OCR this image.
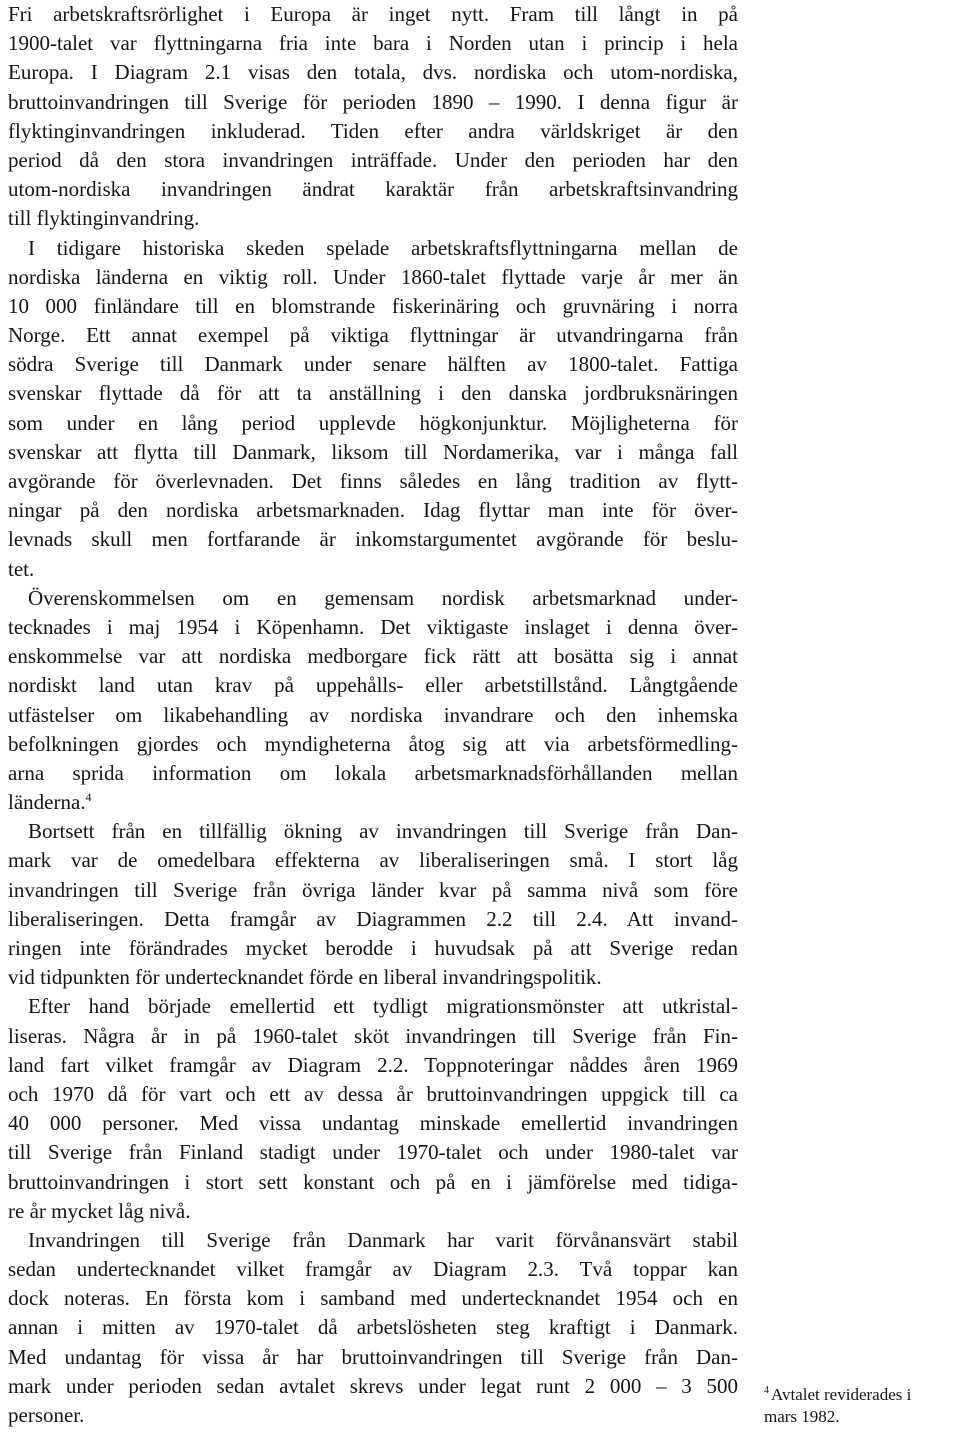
Fri arbetskraftsrörlighet i Europa är inget nytt. Fram till långt in på
1900-talet var flyttningarna fria inte bara i Norden utan i princip i hela
Europa. I Diagram 2.1 visas den totala, dvs. nordiska och utom-nordiska,
bruttoinvandringen till Sverige för perioden 1890 – 1990. I denna figur är
flyktinginvandringen inkluderad. Tiden efter andra världskriget är den
period då den stora invandringen inträffade. Under den perioden har den
utom-nordiska invandringen ändrat karaktär från arbetskraftsinvandring
till flyktinginvandring.
I tidigare historiska skeden spelade arbetskraftsflyttningarna mellan de
nordiska länderna en viktig roll. Under 1860-talet flyttade varje år mer än
10 000 finländare till en blomstrande fiskerinäring och gruvnäring i norra
Norge. Ett annat exempel på viktiga flyttningar är utvandringarna från
södra Sverige till Danmark under senare hälften av 1800-talet. Fattiga
svenskar flyttade då för att ta anställning i den danska jordbruksnäringen
som under en lång period upplevde högkonjunktur. Möjligheterna för
svenskar att flytta till Danmark, liksom till Nordamerika, var i många fall
avgörande för överlevnaden. Det finns således en lång tradition av flytt-
ningar på den nordiska arbetsmarknaden. Idag flyttar man inte för över-
levnads skull men fortfarande är inkomstargumentet avgörande för beslu-
tet.
Överenskommelsen om en gemensam nordisk arbetsmarknad under-
tecknades i maj 1954 i Köpenhamn. Det viktigaste inslaget i denna över-
enskommelse var att nordiska medborgare fick rätt att bosätta sig i annat
nordiskt land utan krav på uppehålls- eller arbetstillstånd. Långtgående
utfästelser om likabehandling av nordiska invandrare och den inhemska
befolkningen gjordes och myndigheterna åtog sig att via arbetsförmedling-
arna sprida information om lokala arbetsmarknadsförhållanden mellan
länderna.$^4$
Bortsett från en tillfällig ökning av invandringen till Sverige från Dan-
mark var de omedelbara effekterna av liberaliseringen små. I stort låg
invandringen till Sverige från övriga länder kvar på samma nivå som före
liberaliseringen. Detta framgår av Diagrammen 2.2 till 2.4. Att invand-
ringen inte förändrades mycket berodde i huvudsak på att Sverige redan
vid tidpunkten för undertecknandet förde en liberal invandringspolitik.
Efter hand började emellertid ett tydligt migrationsmönster att utkristal-
liseras. Några år in på 1960-talet sköt invandringen till Sverige från Fin-
land fart vilket framgår av Diagram 2.2. Toppnoteringar nåddes åren 1969
och 1970 då för vart och ett av dessa år bruttoinvandringen uppgick till ca
40 000 personer. Med vissa undantag minskade emellertid invandringen
till Sverige från Finland stadigt under 1970-talet och under 1980-talet var
bruttoinvandringen i stort sett konstant och på en i jämförelse med tidiga-
re år mycket låg nivå.
Invandringen till Sverige från Danmark har varit förvånansvärt stabil
sedan undertecknandet vilket framgår av Diagram 2.3. Två toppar kan
dock noteras. En första kom i samband med undertecknandet 1954 och en
annan i mitten av 1970-talet då arbetslösheten steg kraftigt i Danmark.
Med undantag för vissa år har bruttoinvandringen till Sverige från Dan-
mark under perioden sedan avtalet skrevs under legat runt 2 000 – 3 500
personer.
$^4$ Avtalet reviderades i
mars 1982.
